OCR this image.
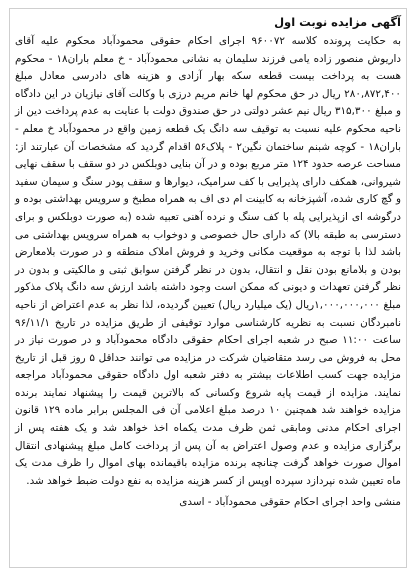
آگهی مزایده نوبت اول

به حکایت پرونده کلاسه ۹۶۰۰۷۲ اجرای احکام حقوقی محمودآباد محکوم علیه آقای داریوش منصور زاده یامی فرزند سلیمان به نشانی محمودآباد - خ معلم باران۱۸ - محکوم هست به پرداخت بیست قطعه سکه بهار آزادی و هزینه های دادرسی معادل مبلغ ۲۸۰,۸۷۲,۴۰۰ ریال در حق محکوم لها خانم مریم درزی با وکالت آقای نیازیان در این دادگاه و مبلغ ۳۱۵,۳۰۰ ریال نیم عشر دولتی در حق صندوق دولت با عنایت به عدم پرداخت دین از ناحیه محکوم علیه نسبت به توقیف سه دانگ یک قطعه زمین واقع در محمودآباد خ معلم - باران۱۸ - کوچه شبنم ساختمان نگین۲ - پلاک۵۶ اقدام گردید که مشخصات آن عبارتند از: مساحت عرصه حدود ۱۲۴ متر مربع بوده و در آن بنایی دوبلکس در دو سقف با سقف نهایی شیروانی، همکف دارای پذیرایی با کف سرامیک، دیوارها و سقف پودر سنگ و سیمان سفید و گچ کاری شده، آشپزخانه به کابینت ام دی اف به همراه مطبخ و سرویس بهداشتی بوده و درگوشه ای ازپذیرایی پله با کف سنگ و نرده آهنی تعبیه شده (به صورت دوبلکس و برای دسترسی به طبقه بالا) که دارای حال خصوصی و دوخواب به همراه سرویس بهداشتی می باشد لذا با توجه به موقعیت مکانی وخرید و فروش املاک منطقه و در صورت بلامعارض بودن و بلامانع بودن نقل و انتقال، بدون در نظر گرفتن سوابق ثبتی و مالکیتی و بدون در نظر گرفتن تعهدات و دیونی که ممکن است وجود داشته باشد ارزش سه دانگ پلاک مذکور مبلغ ۱,۰۰۰,۰۰۰,۰۰۰ریال (یک میلیارد ریال) تعیین گردیده، لذا نظر به عدم اعتراض از ناحیه نامبردگان نسبت به نظریه کارشناسی موارد توقیفی از طریق مزایده در تاریخ ۹۶/۱۱/۱ ساعت ۱۱:۰۰ صبح در شعبه اجرای احکام حقوقی دادگاه محمودآباد و در صورت نیاز در محل به فروش می رسد متقاضیان شرکت در مزایده می توانند حداقل ۵ روز قبل از تاریخ مزایده جهت کسب اطلاعات بیشتر به دفتر شعبه اول دادگاه حقوقی محمودآباد مراجعه نمایند. مزایده از قیمت پایه شروع وکسانی که بالاترین قیمت را پیشنهاد نمایند برنده مزایده خواهند شد همچنین ۱۰ درصد مبلغ اعلامی آن فی المجلس برابر ماده ۱۲۹ قانون اجرای احکام مدنی ومابقی ثمن ظرف مدت یکماه اخذ خواهد شد و یک هفته پس از برگزاری مزایده و عدم وصول اعتراض به آن پس از پرداخت کامل مبلغ پیشنهادی انتقال اموال صورت خواهد گرفت چنانچه برنده مزایده باقیمانده بهای اموال را ظرف مدت یک ماه تعیین شده نپردازد سپرده اوپس از کسر هزینه مزایده به نفع دولت ضبط خواهد شد.

منشی واحد اجرای احکام حقوقی محمودآباد - اسدی
